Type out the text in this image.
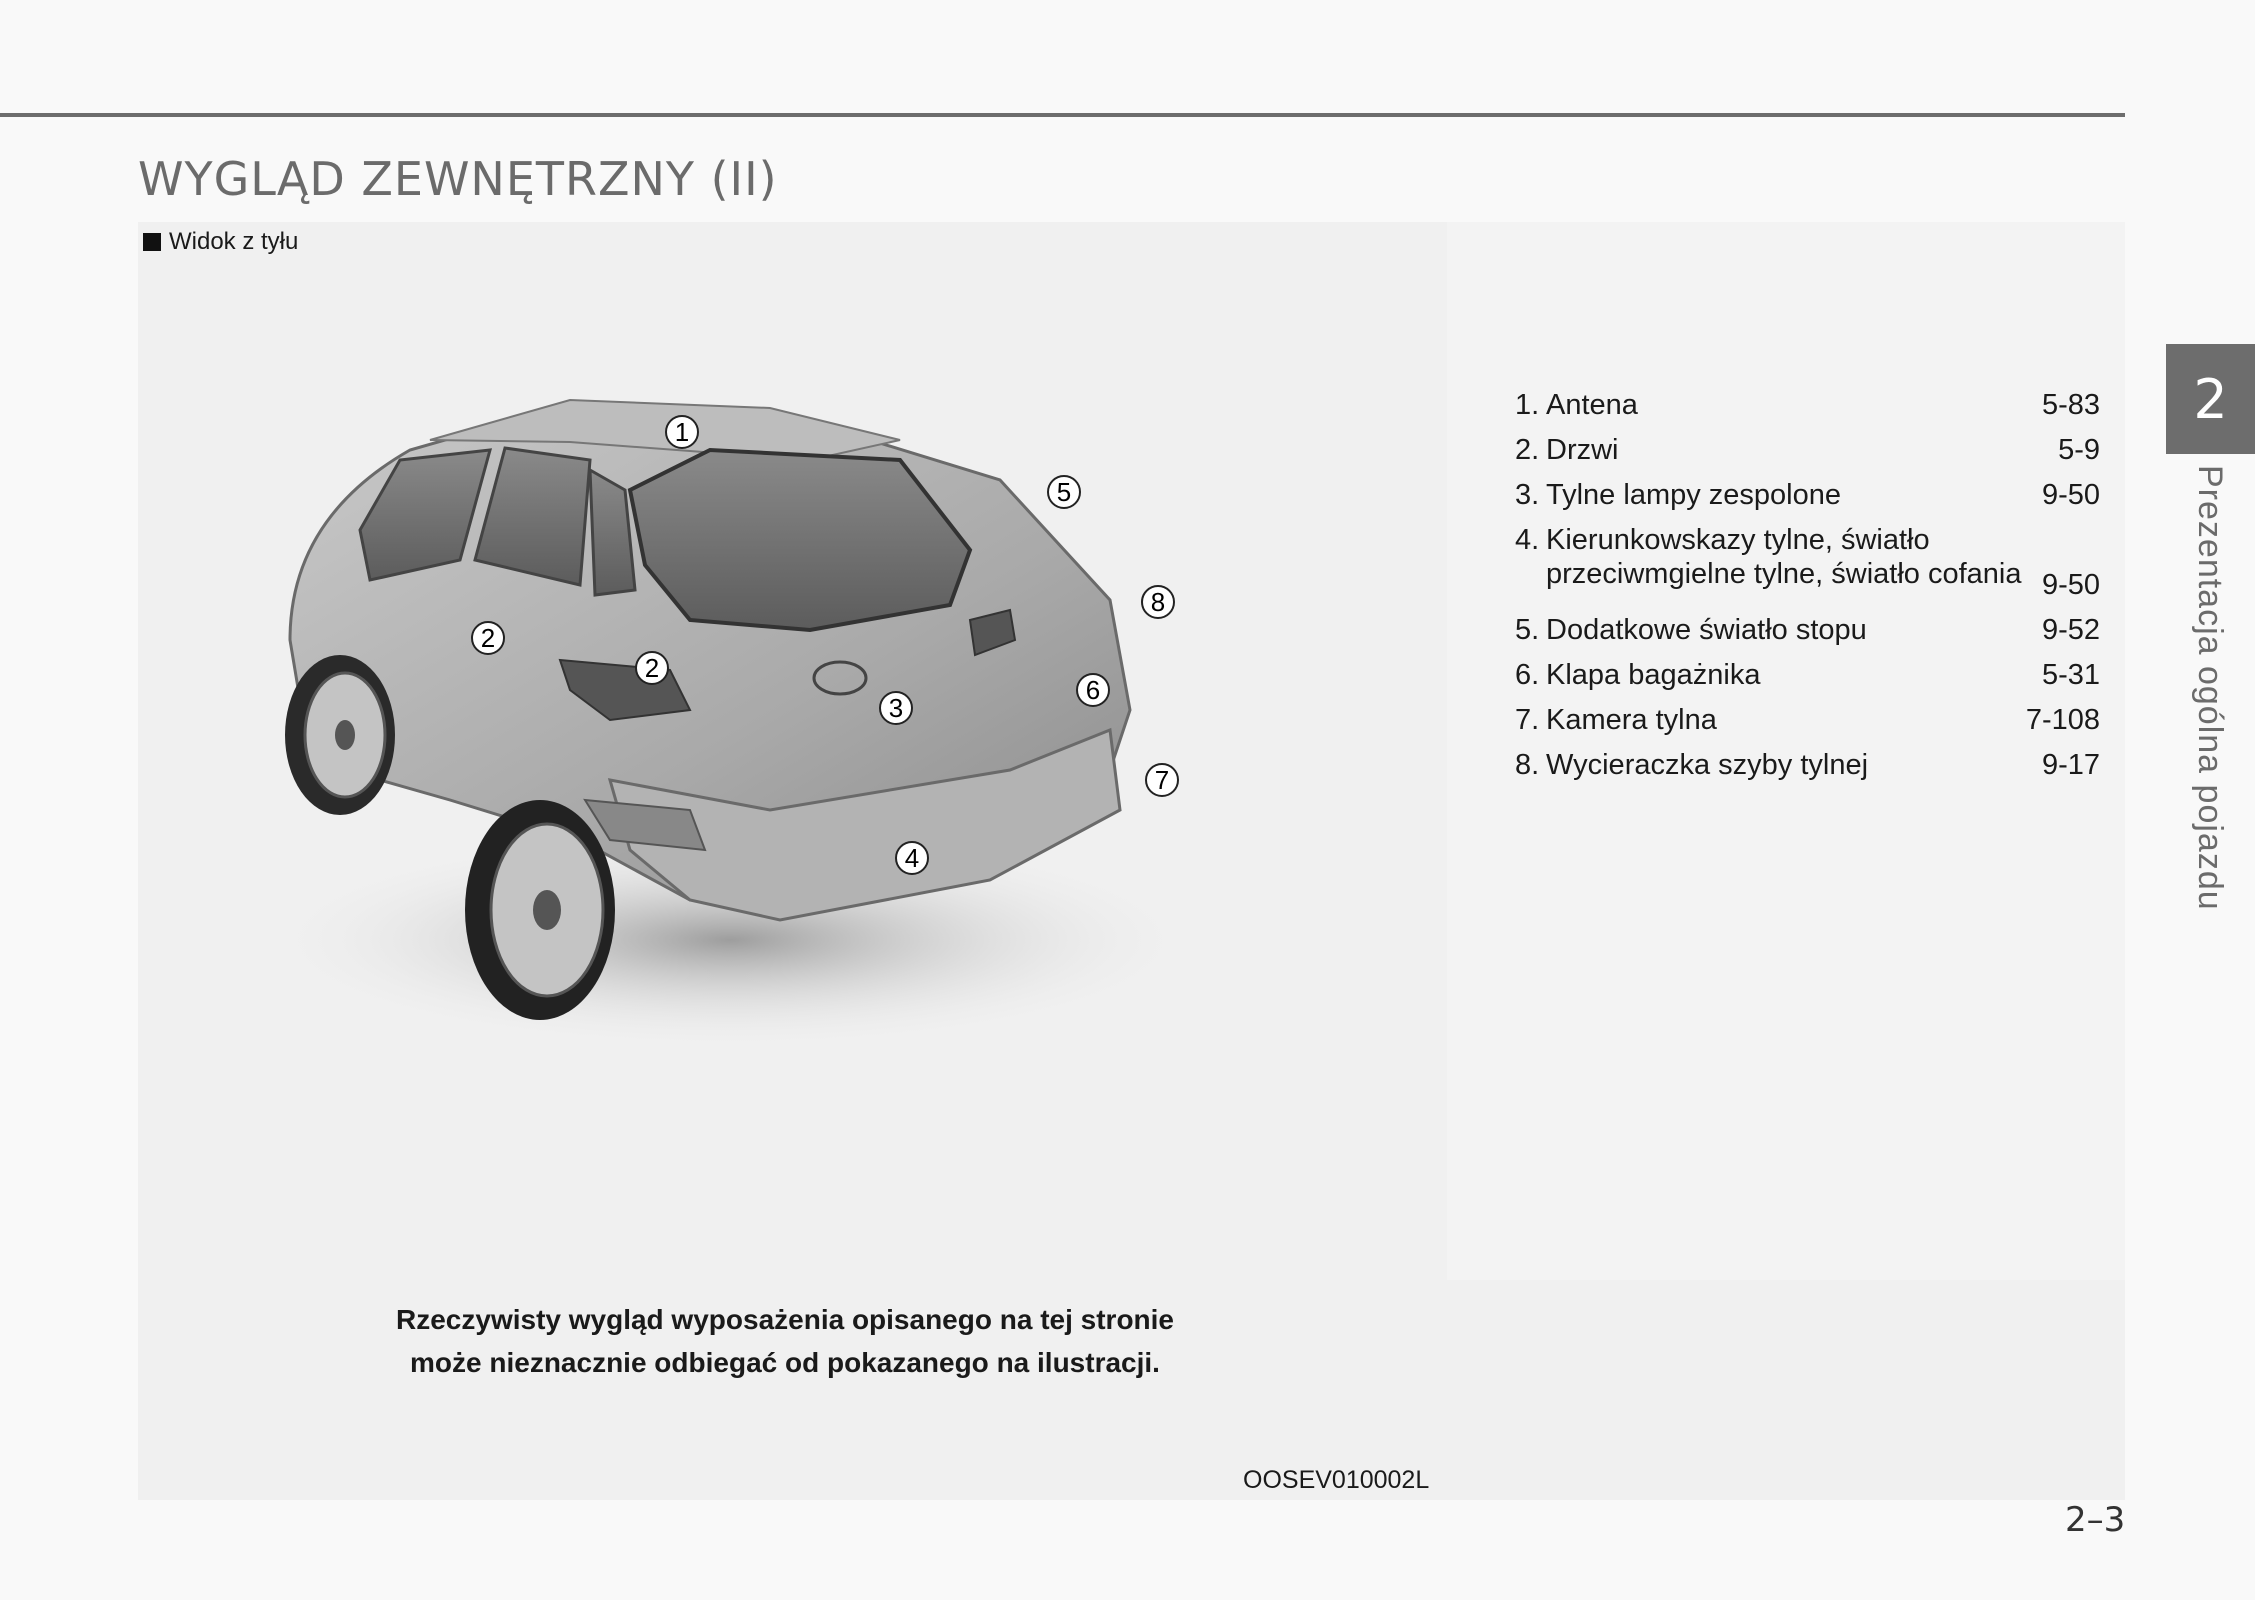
WYGLĄD ZEWNĘTRZNY (II)
Widok z tyłu
1
2
2
3
4
5
6
7
8
1. Antena	5-83
2. Drzwi	5-9
3. Tylne lampy zespolone	9-50
4. Kierunkowskazy tylne, światło
przeciwmgielne tylne, światło cofania 9-50
5. Dodatkowe światło stopu	9-52
6. Klapa bagażnika	5-31
7. Kamera tylna	7-108
8. Wycieraczka szyby tylnej	9-17
Rzeczywisty wygląd wyposażenia opisanego na tej stronie
może nieznacznie odbiegać od pokazanego na ilustracji.
OOSEV010002L
2
Prezentacja ogólna pojazdu
2–3
